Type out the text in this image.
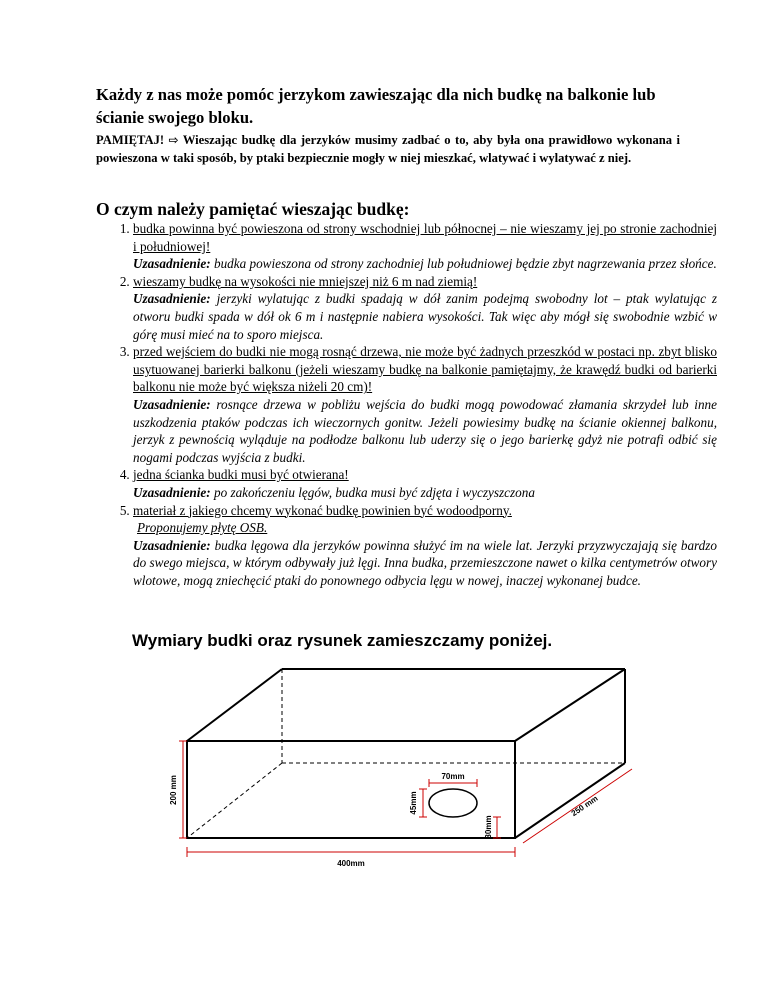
Każdy z nas może pomóc jerzykom zawieszając dla nich budkę na balkonie lub ścianie swojego bloku.

PAMIĘTAJ! ⇨ Wieszając budkę dla jerzyków musimy zadbać o to, aby była ona prawidłowo wykonana i powieszona w taki sposób, by ptaki bezpiecznie mogły w niej mieszkać, wlatywać i wylatywać z niej.

O czym należy pamiętać wieszając budkę:
1. budka powinna być powieszona od strony wschodniej lub północnej – nie wieszamy jej po stronie zachodniej i południowej!
Uzasadnienie: budka powieszona od strony zachodniej lub południowej będzie zbyt nagrzewania przez słońce.
2. wieszamy budkę na wysokości nie mniejszej niż 6 m nad ziemią!
Uzasadnienie: jerzyki wylatując z budki spadają w dół zanim podejmą swobodny lot – ptak wylatując z otworu budki spada w dół ok 6 m i następnie nabiera wysokości. Tak więc aby mógł się swobodnie wzbić w górę musi mieć na to sporo miejsca.
3. przed wejściem do budki nie mogą rosnąć drzewa, nie może być żadnych przeszkód w postaci np. zbyt blisko usytuowanej barierki balkonu (jeżeli wieszamy budkę na balkonie pamiętajmy, że krawędź budki od barierki balkonu nie może być większa niżeli 20 cm)!
Uzasadnienie: rosnące drzewa w pobliżu wejścia do budki mogą powodować złamania skrzydeł lub inne uszkodzenia ptaków podczas ich wieczornych gonitw. Jeżeli powiesimy budkę na ścianie okiennej balkonu, jerzyk z pewnością wyląduje na podłodze balkonu lub uderzy się o jego barierkę gdyż nie potrafi odbić się nogami podczas wyjścia z budki.
4. jedna ścianka budki musi być otwierana!
Uzasadnienie: po zakończeniu lęgów, budka musi być zdjęta i wyczyszczona
5. materiał z jakiego chcemy wykonać budkę powinien być wodoodporny.
Proponujemy płytę OSB.
Uzasadnienie: budka lęgowa dla jerzyków powinna służyć im na wiele lat. Jerzyki przyzwyczajają się bardzo do swego miejsca, w którym odbywały już lęgi. Inna budka, przemieszczone nawet o kilka centymetrów otwory wlotowe, mogą zniechęcić ptaki do ponownego odbycia lęgu w nowej, inaczej wykonanej budce.
Wymiary budki oraz rysunek zamieszczamy poniżej.
200 mm
400mm
250 mm
70mm
45mm
30mm
